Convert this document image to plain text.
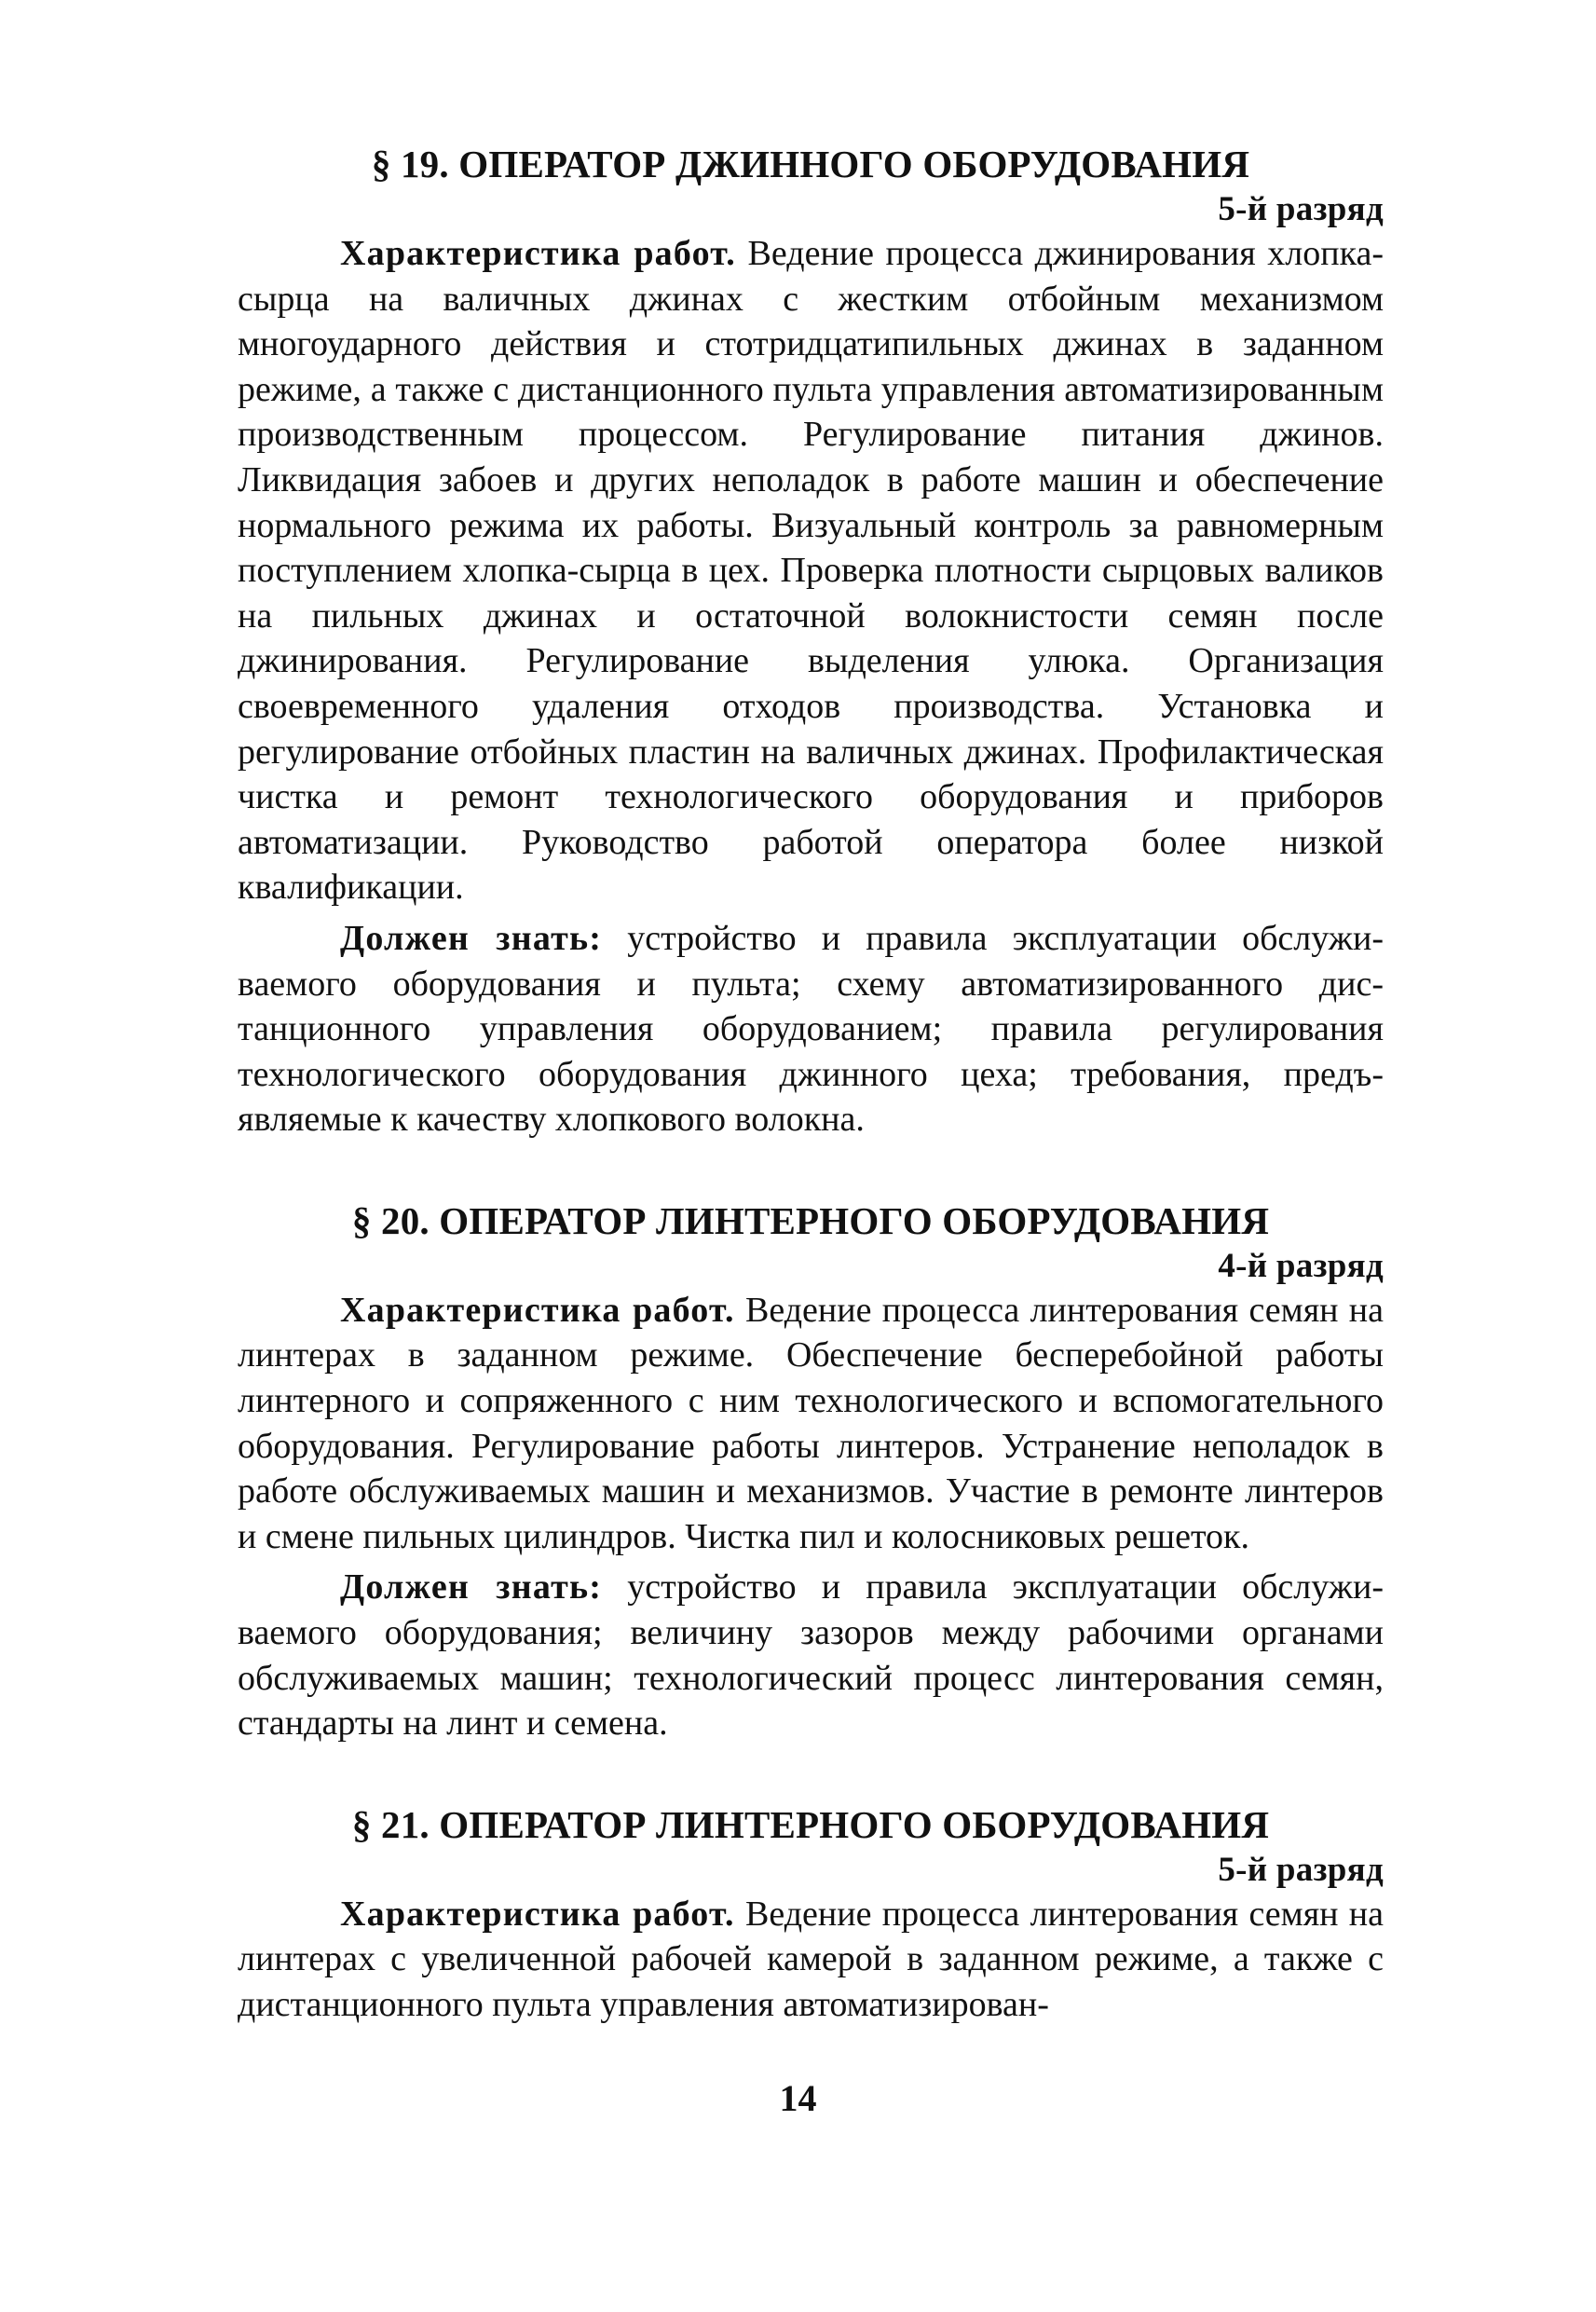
§ 19. ОПЕРАТОР ДЖИННОГО ОБОРУДОВАНИЯ
5-й разряд

Характеристика работ. Ведение процесса джинирования хлопка-сырца на валичных джинах с жестким отбойным механизмом многоударного действия и стотридцатипильных джинах в заданном режиме, а также с дистанционного пульта управления автоматизированным производственным процессом. Регулирование питания джинов. Ликвидация забоев и других неполадок в работе машин и обеспечение нормального режима их работы. Визуальный контроль за равномерным поступлением хлопка-сырца в цех. Проверка плотности сырцовых валиков на пильных джинах и остаточной волокнистости семян после джинирования. Регулирование выделения улюка. Организация своевременного удаления отходов производства. Установка и регулирование отбойных пластин на валичных джинах. Профилактическая чистка и ремонт технологического оборудования и приборов автоматизации. Руководство работой оператора более низкой квалификации.

Должен знать: устройство и правила эксплуатации обслуживаемого оборудования и пульта; схему автоматизированного дистанционного управления оборудованием; правила регулирования технологического оборудования джинного цеха; требования, предъявляемые к качеству хлопкового волокна.

§ 20. ОПЕРАТОР ЛИНТЕРНОГО ОБОРУДОВАНИЯ
4-й разряд

Характеристика работ. Ведение процесса линтерования семян на линтерах в заданном режиме. Обеспечение бесперебойной работы линтерного и сопряженного с ним технологического и вспомогательного оборудования. Регулирование работы линтеров. Устранение неполадок в работе обслуживаемых машин и механизмов. Участие в ремонте линтеров и смене пильных цилиндров. Чистка пил и колосниковых решеток.

Должен знать: устройство и правила эксплуатации обслуживаемого оборудования; величину зазоров между рабочими органами обслуживаемых машин; технологический процесс линтерования семян, стандарты на линт и семена.

§ 21. ОПЕРАТОР ЛИНТЕРНОГО ОБОРУДОВАНИЯ
5-й разряд

Характеристика работ. Ведение процесса линтерования семян на линтерах с увеличенной рабочей камерой в заданном режиме, а также с дистанционного пульта управления автоматизирован-

14
